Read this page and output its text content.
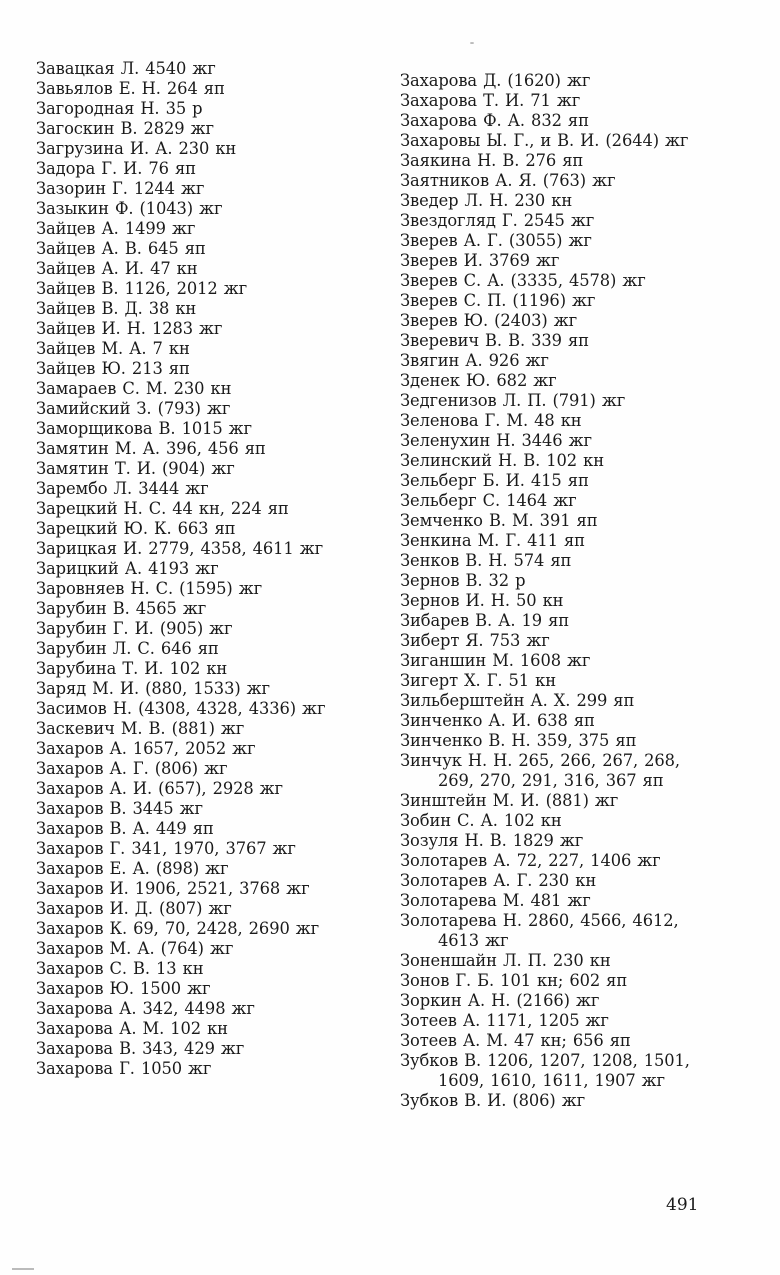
Завацкая Л. 4540 жг
Завьялов Е. Н. 264 яп
Загородная Н. 35 р
Загоскин В. 2829 жг
Загрузина И. А. 230 кн
Задора Г. И. 76 яп
Зазорин Г. 1244 жг
Зазыкин Ф. (1043) жг
Зайцев А. 1499 жг
Зайцев А. В. 645 яп
Зайцев А. И. 47 кн
Зайцев В. 1126, 2012 жг
Зайцев В. Д. 38 кн
Зайцев И. Н. 1283 жг
Зайцев М. А. 7 кн
Зайцев Ю. 213 яп
Замараев С. М. 230 кн
Замийский З. (793) жг
Заморщикова В. 1015 жг
Замятин М. А. 396, 456 яп
Замятин Т. И. (904) жг
Зарембо Л. 3444 жг
Зарецкий Н. С. 44 кн, 224 яп
Зарецкий Ю. К. 663 яп
Зарицкая И. 2779, 4358, 4611 жг
Зарицкий А. 4193 жг
Заровняев Н. С. (1595) жг
Зарубин В. 4565 жг
Зарубин Г. И. (905) жг
Зарубин Л. С. 646 яп
Зарубина Т. И. 102 кн
Заряд М. И. (880, 1533) жг
Засимов Н. (4308, 4328, 4336) жг
Заскевич М. В. (881) жг
Захаров А. 1657, 2052 жг
Захаров А. Г. (806) жг
Захаров А. И. (657), 2928 жг
Захаров В. 3445 жг
Захаров В. А. 449 яп
Захаров Г. 341, 1970, 3767 жг
Захаров Е. А. (898) жг
Захаров И. 1906, 2521, 3768 жг
Захаров И. Д. (807) жг
Захаров К. 69, 70, 2428, 2690 жг
Захаров М. А. (764) жг
Захаров С. В. 13 кн
Захаров Ю. 1500 жг
Захарова А. 342, 4498 жг
Захарова А. М. 102 кн
Захарова В. 343, 429 жг
Захарова Г. 1050 жг
Захарова Д. (1620) жг
Захарова Т. И. 71 жг
Захарова Ф. А. 832 яп
Захаровы Ы. Г., и В. И. (2644) жг
Заякина Н. В. 276 яп
Заятников А. Я. (763) жг
Зведер Л. Н. 230 кн
Звездогляд Г. 2545 жг
Зверев А. Г. (3055) жг
Зверев И. 3769 жг
Зверев С. А. (3335, 4578) жг
Зверев С. П. (1196) жг
Зверев Ю. (2403) жг
Зверевич В. В. 339 яп
Звягин А. 926 жг
Зденек Ю. 682 жг
Зедгенизов Л. П. (791) жг
Зеленова Г. М. 48 кн
Зеленухин Н. 3446 жг
Зелинский Н. В. 102 кн
Зельберг Б. И. 415 яп
Зельберг С. 1464 жг
Земченко В. М. 391 яп
Зенкина М. Г. 411 яп
Зенков В. Н. 574 яп
Зернов В. 32 р
Зернов И. Н. 50 кн
Зибарев В. А. 19 яп
Зиберт Я. 753 жг
Зиганшин М. 1608 жг
Зигерт Х. Г. 51 кн
Зильберштейн А. Х. 299 яп
Зинченко А. И. 638 яп
Зинченко В. Н. 359, 375 яп
Зинчук Н. Н. 265, 266, 267, 268, 269, 270, 291, 316, 367 яп
Зинштейн М. И. (881) жг
Зобин С. А. 102 кн
Зозуля Н. В. 1829 жг
Золотарев А. 72, 227, 1406 жг
Золотарев А. Г. 230 кн
Золотарева М. 481 жг
Золотарева Н. 2860, 4566, 4612, 4613 жг
Зоненшайн Л. П. 230 кн
Зонов Г. Б. 101 кн; 602 яп
Зоркин А. Н. (2166) жг
Зотеев А. 1171, 1205 жг
Зотеев А. М. 47 кн; 656 яп
Зубков В. 1206, 1207, 1208, 1501, 1609, 1610, 1611, 1907 жг
Зубков В. И. (806) жг
491
